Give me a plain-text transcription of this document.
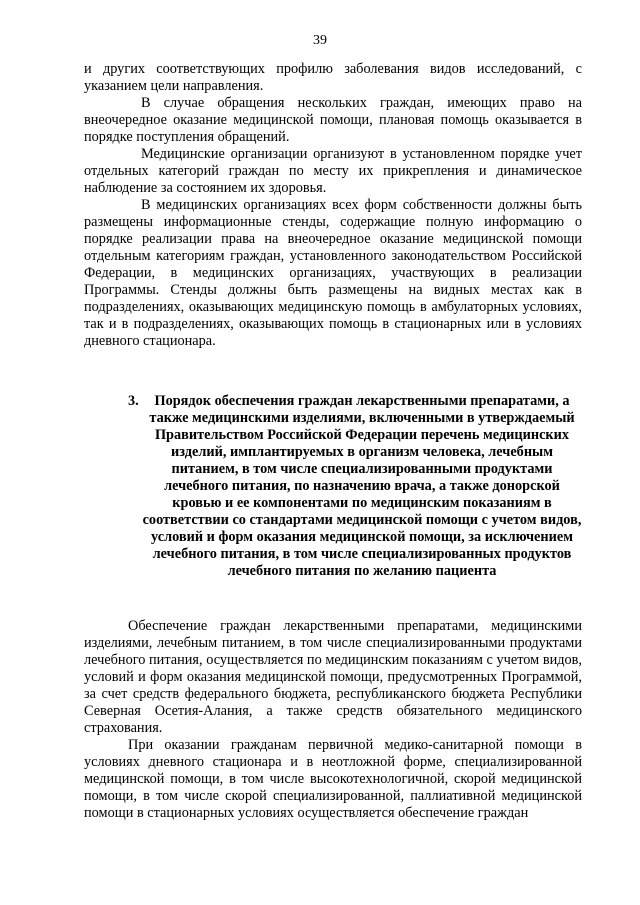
39

и других соответствующих профилю заболевания видов исследований, с указанием цели направления.

В случае обращения нескольких граждан, имеющих право на внеочередное оказание медицинской помощи, плановая помощь оказывается в порядке поступления обращений.

Медицинские организации организуют в установленном порядке учет отдельных категорий граждан по месту их прикрепления и динамическое наблюдение за состоянием их здоровья.

В медицинских организациях всех форм собственности должны быть размещены информационные стенды, содержащие полную информацию о порядке реализации права на внеочередное оказание медицинской помощи отдельным категориям граждан, установленного законодательством Российской Федерации, в медицинских организациях, участвующих в реализации Программы. Стенды должны быть размещены на видных местах как в подразделениях, оказывающих медицинскую помощь в амбулаторных условиях, так и в подразделениях, оказывающих помощь в стационарных или в условиях дневного стационара.

3.	Порядок обеспечения граждан лекарственными препаратами, а также медицинскими изделиями, включенными в утверждаемый Правительством Российской Федерации перечень медицинских изделий, имплантируемых в организм человека, лечебным питанием, в том числе специализированными продуктами лечебного питания, по назначению врача, а также донорской кровью и ее компонентами по медицинским показаниям в соответствии со стандартами медицинской помощи с учетом видов, условий и форм оказания медицинской помощи, за исключением лечебного питания, в том числе специализированных продуктов лечебного питания по желанию пациента

Обеспечение граждан лекарственными препаратами, медицинскими изделиями, лечебным питанием, в том числе специализированными продуктами лечебного питания, осуществляется по медицинским показаниям с учетом видов, условий и форм оказания медицинской помощи, предусмотренных Программой, за счет средств федерального бюджета, республиканского бюджета Республики Северная Осетия-Алания, а также средств обязательного медицинского страхования.

При оказании гражданам первичной медико-санитарной помощи в условиях дневного стационара и в неотложной форме, специализированной медицинской помощи, в том числе высокотехнологичной, скорой медицинской помощи, в том числе скорой специализированной, паллиативной медицинской помощи в стационарных условиях осуществляется обеспечение граждан
